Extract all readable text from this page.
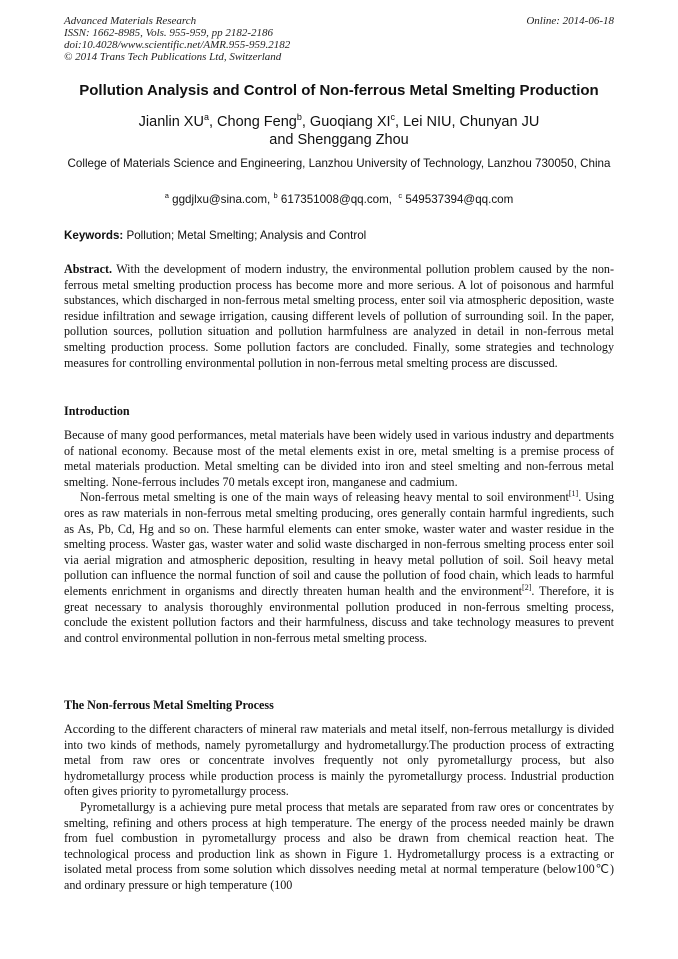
Advanced Materials Research
ISSN: 1662-8985, Vols. 955-959, pp 2182-2186
doi:10.4028/www.scientific.net/AMR.955-959.2182
© 2014 Trans Tech Publications Ltd, Switzerland
Online: 2014-06-18
Pollution Analysis and Control of Non-ferrous Metal Smelting Production
Jianlin $XU^a$, Chong Feng$^b$, Guoqiang $XI^c$, Lei NIU, Chunyan JU
and Shenggang Zhou
College of Materials Science and Engineering, Lanzhou University of Technology, Lanzhou 730050, China
$^a$ ggdjlxu@sina.com, $^b$ 617351008@qq.com, $^c$ 549537394@qq.com
Keywords: Pollution; Metal Smelting; Analysis and Control

Abstract. With the development of modern industry, the environmental pollution problem caused by the non-ferrous metal smelting production process has become more and more serious. A lot of poisonous and harmful substances, which discharged in non-ferrous metal smelting process, enter soil via atmospheric deposition, waste residue infiltration and sewage irrigation, causing different levels of pollution of surrounding soil. In the paper, pollution sources, pollution situation and pollution harmfulness are analyzed in detail in non-ferrous metal smelting production process. Some pollution factors are concluded. Finally, some strategies and technology measures for controlling environmental pollution in non-ferrous metal smelting process are discussed.

Introduction

Because of many good performances, metal materials have been widely used in various industry and departments of national economy. Because most of the metal elements exist in ore, metal smelting is a premise process of metal materials production. Metal smelting can be divided into iron and steel smelting and non-ferrous metal smelting. None-ferrous includes 70 metals except iron, manganese and cadmium.

Non-ferrous metal smelting is one of the main ways of releasing heavy mental to soil environment[1]. Using ores as raw materials in non-ferrous metal smelting producing, ores generally contain harmful ingredients, such as As, Pb, Cd, Hg and so on. These harmful elements can enter smoke, waster water and waster residue in the smelting process. Waster gas, waster water and solid waste discharged in non-ferrous smelting process enter soil via aerial migration and atmospheric deposition, resulting in heavy metal pollution of soil. Soil heavy metal pollution can influence the normal function of soil and cause the pollution of food chain, which leads to harmful elements enrichment in organisms and directly threaten human health and the environment[2]. Therefore, it is great necessary to analysis thoroughly environmental pollution produced in non-ferrous smelting process, conclude the existent pollution factors and their harmfulness, discuss and take technology measures to prevent and control environmental pollution in non-ferrous metal smelting process.

The Non-ferrous Metal Smelting Process

According to the different characters of mineral raw materials and metal itself, non-ferrous metallurgy is divided into two kinds of methods, namely pyrometallurgy and hydrometallurgy.The production process of extracting metal from raw ores or concentrate involves frequently not only pyrometallurgy process, but also hydrometallurgy process while production process is mainly the pyrometallurgy process. Industrial production often gives priority to pyrometallurgy process.

Pyrometallurgy is a achieving pure metal process that metals are separated from raw ores or concentrates by smelting, refining and others process at high temperature. The energy of the process needed mainly be drawn from fuel combustion in pyrometallurgy process and also be drawn from chemical reaction heat. The technological process and production link as shown in Figure 1. Hydrometallurgy process is a extracting or isolated metal process from some solution which dissolves needing metal at normal temperature (below100℃) and ordinary pressure or high temperature (100
